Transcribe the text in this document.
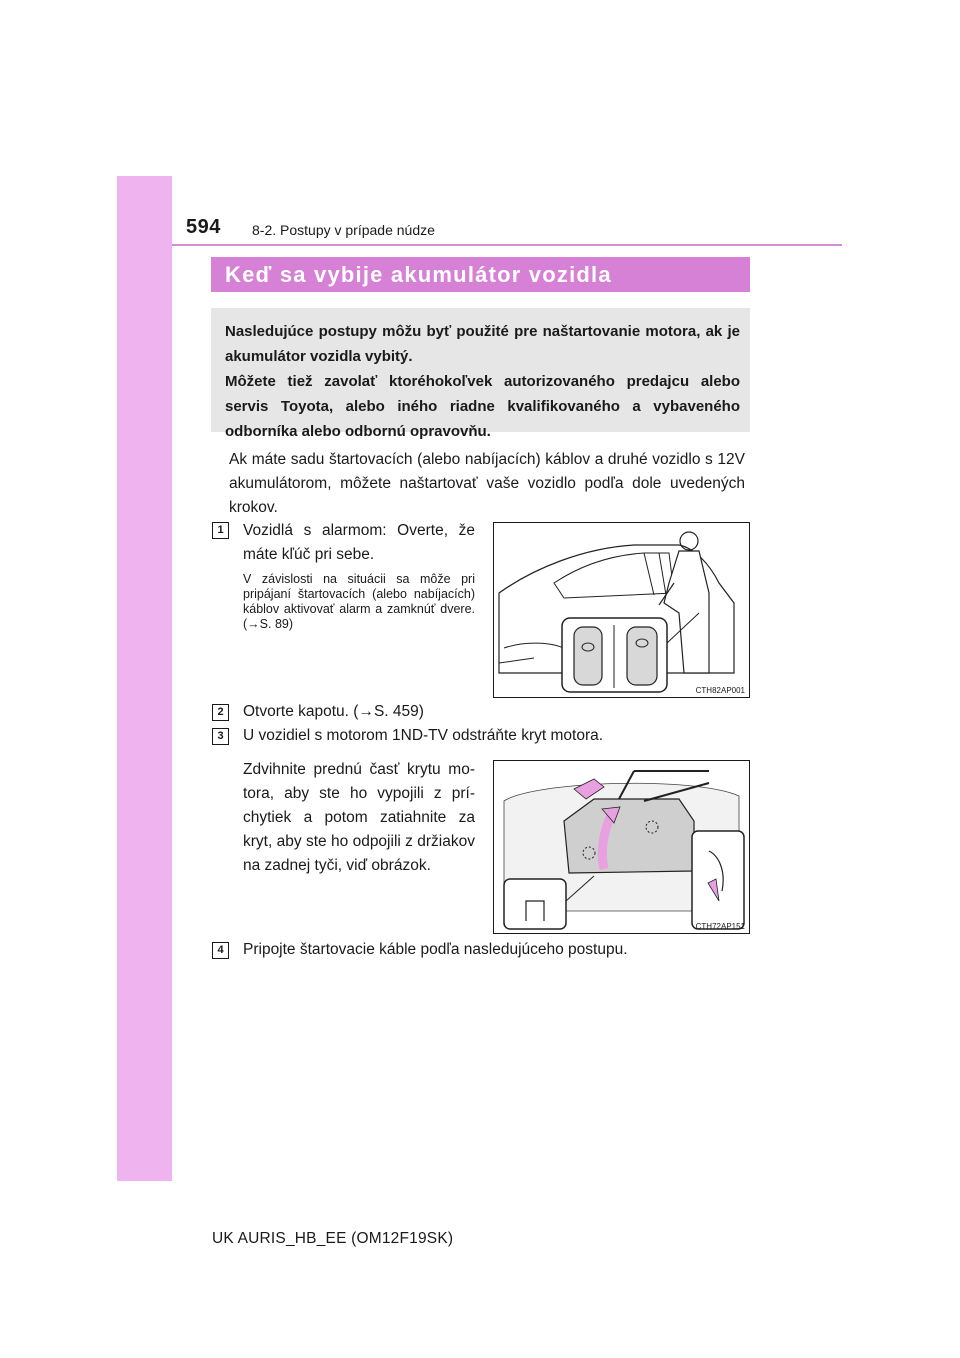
594 8-2. Postupy v prípade núdze
Keď sa vybije akumulátor vozidla

Nasledujúce postupy môžu byť použité pre naštartovanie motora, ak je akumulátor vozidla vybitý.

Môžete tiež zavolať ktoréhokoľvek autorizovaného predajcu alebo servis Toyota, alebo iného riadne kvalifikovaného a vybaveného odborníka alebo odbornú opravovňu.

Ak máte sadu štartovacích (alebo nabíjacích) káblov a druhé vozidlo s 12V akumulátorom, môžete naštartovať vaše vozidlo podľa dole uvedených krokov.
1	Vozidlá s alarmom: Overte, že máte kľúč pri sebe.
V závislosti na situácii sa môže pri pripájaní štartovacích (alebo nabíjacích) káblov aktivovať alarm a zamknúť dvere. (→S. 89)
CTH82AP001
2	Otvorte kapotu. (→S. 459)
3	U vozidiel s motorom 1ND-TV odstráňte kryt motora.
Zdvihnite prednú časť krytu motora, aby ste ho vypojili z príchytiek a potom zatiahnite za kryt, aby ste ho odpojili z držiakov na zadnej tyči, viď obrázok.
CTH72AP151
4	Pripojte štartovacie káble podľa nasledujúceho postupu.
UK AURIS_HB_EE (OM12F19SK)
